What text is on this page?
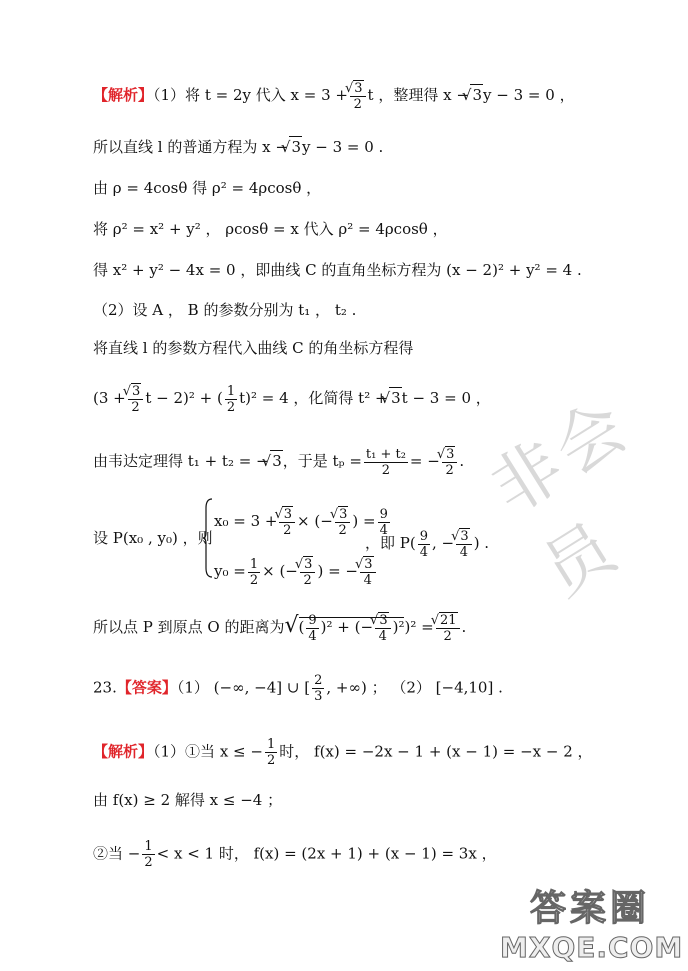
【解析】（1）将 t = 2y 代入 x = 3 + √ $\frac{3}{2}$ t ，整理得 x − √ 3y − 3 = 0 ，
所以直线 l 的普通方程为 x − √ 3y − 3 = 0 .
由 ρ = 4cosθ 得 ρ² = 4ρcosθ ，
将 ρ² = x² + y² ， ρcosθ = x 代入 ρ² = 4ρcosθ ，
得 x² + y² − 4x = 0 ，即曲线 C 的直角坐标方程为 (x − 2)² + y² = 4 .
（2）设 A ， B 的参数分别为 t₁ ， t₂ .
将直线 l 的参数方程代入曲线 C 的角坐标方程得
(3 + √ $\frac{3}{2}$ t − 2)² + ( $\frac{1}{2} t)^2 = 4$ ，化简得 t² + √ 3t − 3 = 0 ，
由韦达定理得 t₁ + t₂ = − √ 3，于是 $t_p = \frac{\text{t₁ + t₂}}{2}$ = − √ $\frac{3}{2}$ .
设 P(x₀ , y₀) ，则
x₀ = 3 + √ $\frac{3}{2}$ × (− √ $\frac{3}{2}$ ) = $\frac{9}{4}$
$y_0 = \frac{1}{2}$ × (− √ $\frac{3}{2}$ ) = − √ $\frac{3}{4}$
，即 $P( \frac{9}{4}$ , − √ $\frac{3}{4}$ ) .
所以点 P 到原点 O 的距离为√( $\frac{9}{4} )^2$ + (− √ $\frac{3}{4} )^2)^2$ = √ $\frac{21}{2}$ .
23.【答案】（1） (−∞, −4] ∪ [ $\frac{2}{3}$ , +∞) ； （2） [−4,10] .
【解析】（1）①当 x ≤ − $\frac{1}{2}$ 时， f(x) = −2x − 1 + (x − 1) = −x − 2 ，
由 f(x) ≥ 2 解得 x ≤ −4 ；
②当 − $\frac{1}{2} < x < 1$ 时， f(x) = (2x + 1) + (x − 1) = 3x ，
非会员
答案圈
MXQE.COM
